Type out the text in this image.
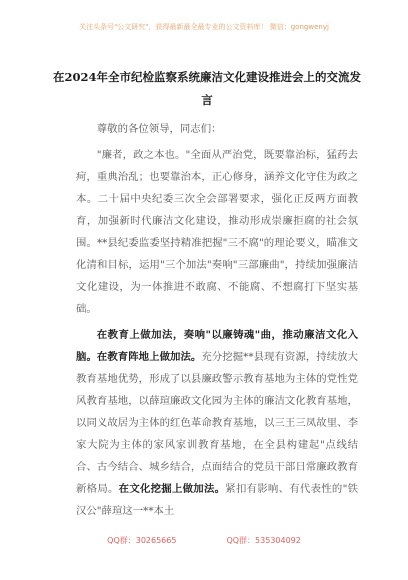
关注头条号"公文研究"，获得最新最全最专业的公文资料库！ 微信：gongwenyj
在2024年全市纪检监察系统廉洁文化建设推进会上的交流发言

尊敬的各位领导，同志们：

"廉者，政之本也。"全面从严治党，既要靠治标，猛药去疴，重典治乱；也要靠治本，正心修身，涵养文化守住为政之本。二十届中央纪委三次全会部署要求，强化正反两方面教育，加强新时代廉洁文化建设，推动形成崇廉拒腐的社会氛围。**县纪委监委坚持精准把握"三不腐"的理论要义，瞄准文化清和目标，运用"三个加法"奏响"三部廉曲"，持续加强廉洁文化建设，为一体推进不敢腐、不能腐、不想腐打下坚实基础。

在教育上做加法，奏响"以廉铸魂"曲，推动廉洁文化入脑。在教育阵地上做加法。充分挖掘**县现有资源，持续放大教育基地优势，形成了以县廉政警示教育基地为主体的党性党风教育基地，以薛瑄廉政文化园为主体的廉洁文化教育基地，以同义故居为主体的红色革命教育基地，以三王三凤故里、李家大院为主体的家风家训教育基地，在全县构建起"点线结合、古今结合、城乡结合，点面结合的党员干部日常廉政教育新格局。在文化挖掘上做加法。紧扣有影响、有代表性的"铁汉公"薛瑄这一**本土

QQ群：30265665	QQ群：535304092
